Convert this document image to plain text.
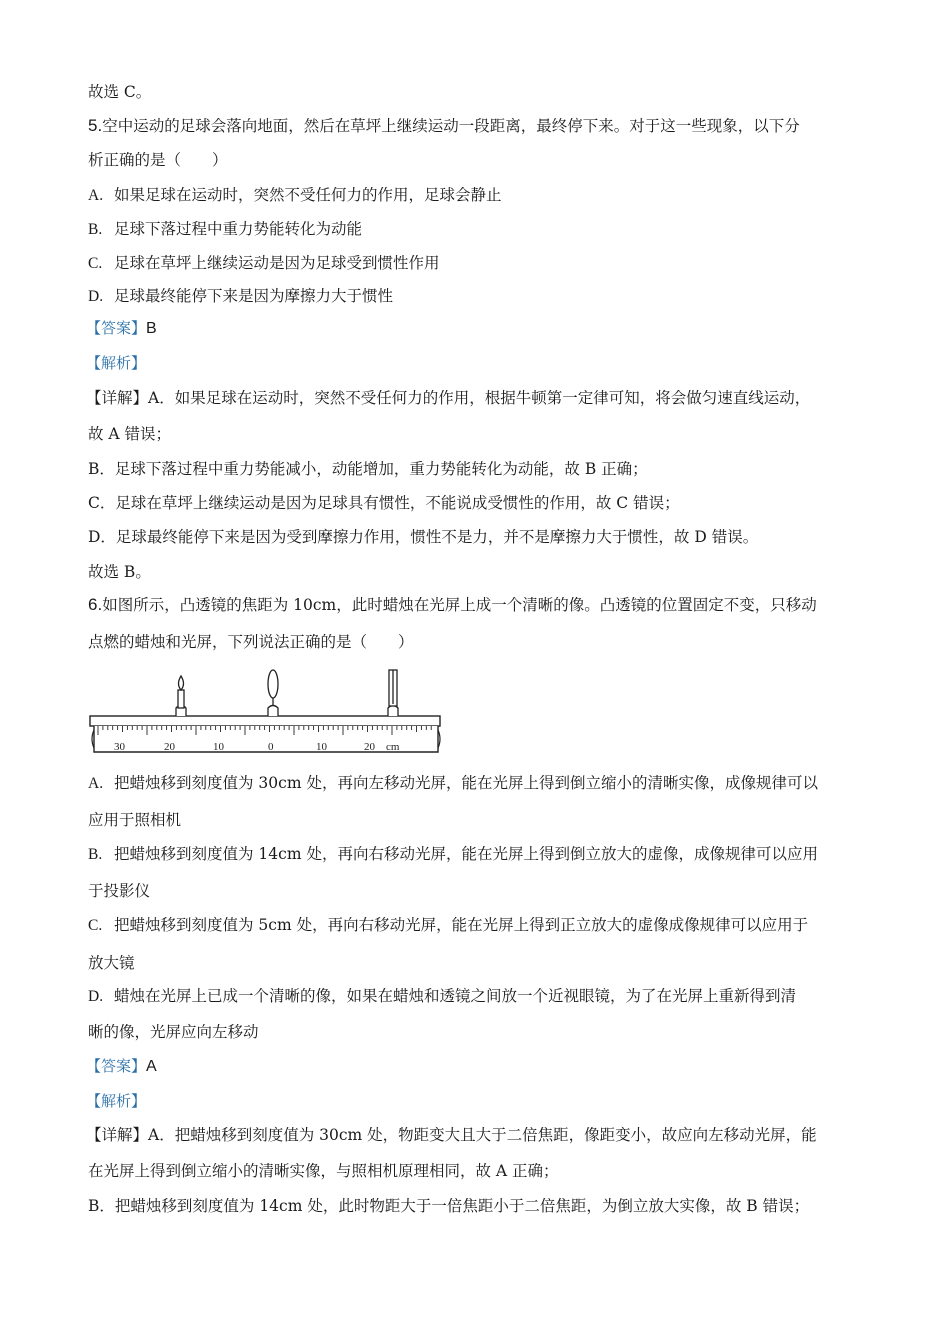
故选 C。
5.空中运动的足球会落向地面，然后在草坪上继续运动一段距离，最终停下来。对于这一些现象，以下分
析正确的是（　　）
A. 如果足球在运动时，突然不受任何力的作用，足球会静止
B. 足球下落过程中重力势能转化为动能
C. 足球在草坪上继续运动是因为足球受到惯性作用
D. 足球最终能停下来是因为摩擦力大于惯性
【答案】B
【解析】
【详解】A．如果足球在运动时，突然不受任何力的作用，根据牛顿第一定律可知，将会做匀速直线运动，
故 A 错误；
B．足球下落过程中重力势能减小，动能增加，重力势能转化为动能，故 B 正确；
C．足球在草坪上继续运动是因为足球具有惯性，不能说成受惯性的作用，故 C 错误；
D．足球最终能停下来是因为受到摩擦力作用，惯性不是力，并不是摩擦力大于惯性，故 D 错误。
故选 B。
6.如图所示，凸透镜的焦距为 10cm，此时蜡烛在光屏上成一个清晰的像。凸透镜的位置固定不变，只移动
点燃的蜡烛和光屏，下列说法正确的是（　　）
30	20	10	0	10	20 cm
A. 把蜡烛移到刻度值为 30cm 处，再向左移动光屏，能在光屏上得到倒立缩小的清晰实像，成像规律可以
应用于照相机
B. 把蜡烛移到刻度值为 14cm 处，再向右移动光屏，能在光屏上得到倒立放大的虚像，成像规律可以应用
于投影仪
C. 把蜡烛移到刻度值为 5cm 处，再向右移动光屏，能在光屏上得到正立放大的虚像成像规律可以应用于
放大镜
D. 蜡烛在光屏上已成一个清晰的像，如果在蜡烛和透镜之间放一个近视眼镜，为了在光屏上重新得到清
晰的像，光屏应向左移动
【答案】A
【解析】
【详解】A．把蜡烛移到刻度值为 30cm 处，物距变大且大于二倍焦距，像距变小，故应向左移动光屏，能
在光屏上得到倒立缩小的清晰实像，与照相机原理相同，故 A 正确；
B．把蜡烛移到刻度值为 14cm 处，此时物距大于一倍焦距小于二倍焦距，为倒立放大实像，故 B 错误；
